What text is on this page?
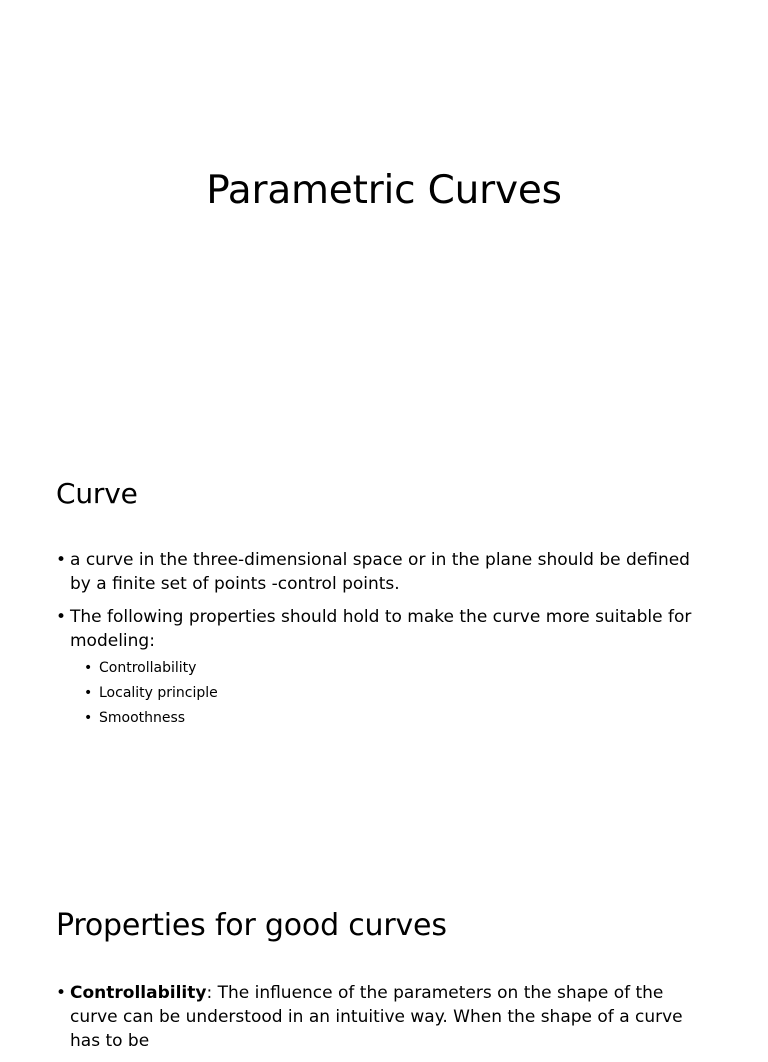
Parametric Curves
Curve
• a curve in the three-dimensional space or in the plane should be defined by a finite set of points -control points.
• The following properties should hold to make the curve more suitable for modeling:
• Controllability
• Locality principle
• Smoothness
Properties for good curves
• Controllability: The influence of the parameters on the shape of the curve can be understood in an intuitive way. When the shape of a curve has to be
